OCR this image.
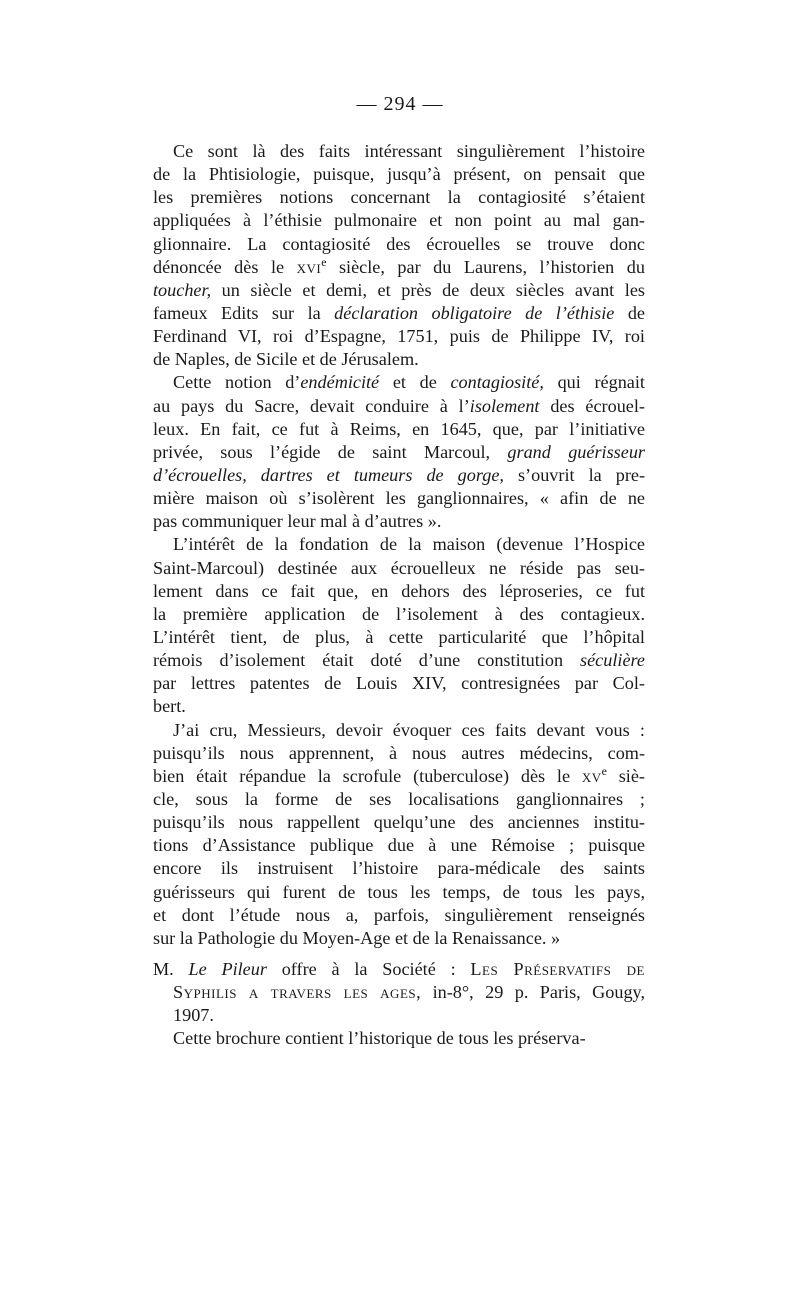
— 294 —
Ce sont là des faits intéressant singulièrement l’histoire
de la Phtisiologie, puisque, jusqu’à présent, on pensait que
les premières notions concernant la contagiosité s’étaient
appliquées à l’éthisie pulmonaire et non point au mal gan-
glionnaire. La contagiosité des écrouelles se trouve donc
dénoncée dès le xvi$^e$ siècle, par du Laurens, l’historien du
toucher, un siècle et demi, et près de deux siècles avant les
fameux Edits sur la déclaration obligatoire de l’éthisie de
Ferdinand VI, roi d’Espagne, 1751, puis de Philippe IV, roi
de Naples, de Sicile et de Jérusalem.
Cette notion d’endémicité et de contagiosité, qui régnait
au pays du Sacre, devait conduire à l’isolement des écrouel-
leux. En fait, ce fut à Reims, en 1645, que, par l’initiative
privée, sous l’égide de saint Marcoul, grand guérisseur
d’écrouelles, dartres et tumeurs de gorge, s’ouvrit la pre-
mière maison où s’isolèrent les ganglionnaires, « afin de ne
pas communiquer leur mal à d’autres ».
L’intérêt de la fondation de la maison (devenue l’Hospice
Saint-Marcoul) destinée aux écrouelleux ne réside pas seu-
lement dans ce fait que, en dehors des léproseries, ce fut
la première application de l’isolement à des contagieux.
L’intérêt tient, de plus, à cette particularité que l’hôpital
rémois d’isolement était doté d’une constitution séculière
par lettres patentes de Louis XIV, contresignées par Col-
bert.
J’ai cru, Messieurs, devoir évoquer ces faits devant vous :
puisqu’ils nous apprennent, à nous autres médecins, com-
bien était répandue la scrofule (tuberculose) dès le $xv^e$ siè-
cle, sous la forme de ses localisations ganglionnaires ;
puisqu’ils nous rappellent quelqu’une des anciennes institu-
tions d’Assistance publique due à une Rémoise ; puisque
encore ils instruisent l’histoire para-médicale des saints
guérisseurs qui furent de tous les temps, de tous les pays,
et dont l’étude nous a, parfois, singulièrement renseignés
sur la Pathologie du Moyen-Age et de la Renaissance. »
M. Le Pileur offre à la Société : Les Préservatifs de
Syphilis a travers les ages, in-8°, 29 p. Paris, Gougy,
1907.
Cette brochure contient l’historique de tous les préserva-
